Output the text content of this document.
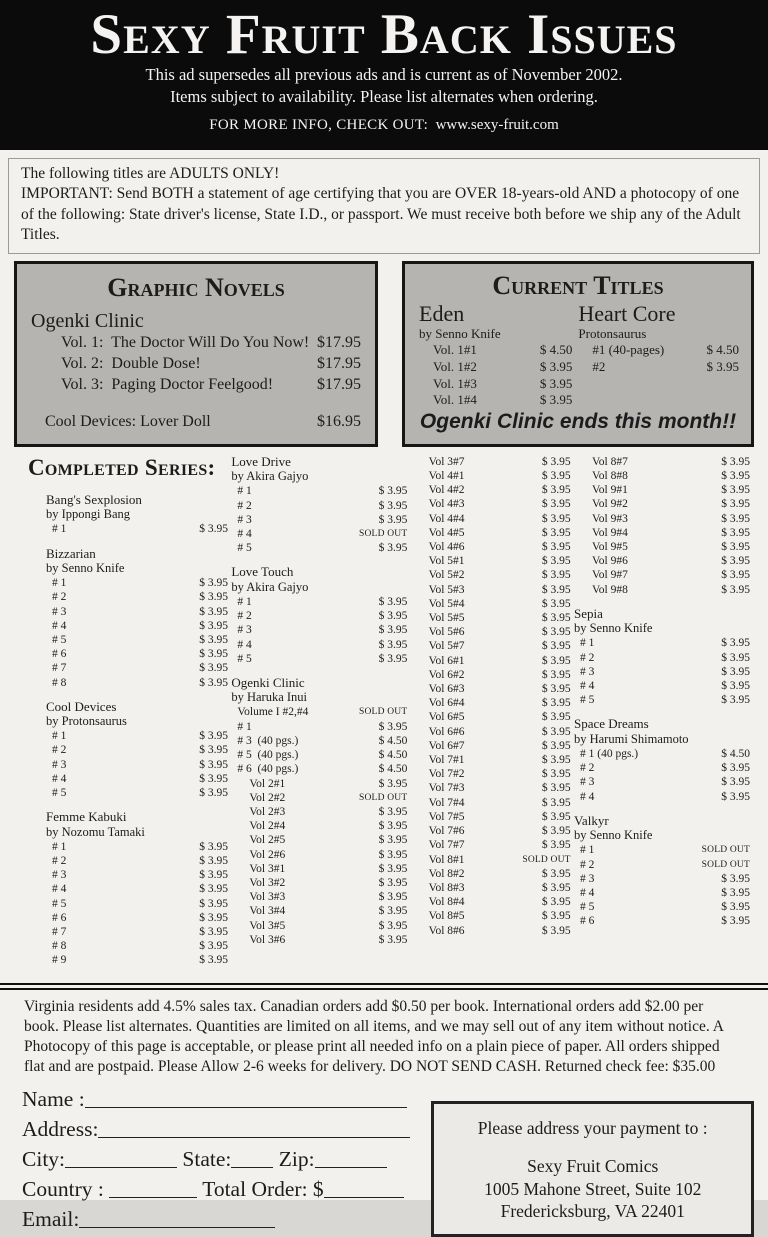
Sexy Fruit Back Issues

This ad supersedes all previous ads and is current as of November 2002.

Items subject to availability. Please list alternates when ordering.

FOR MORE INFO, CHECK OUT: www.sexy-fruit.com

The following titles are ADULTS ONLY!

IMPORTANT: Send BOTH a statement of age certifying that you are OVER 18-years-old AND a photocopy of one of the following: State driver's license, State I.D., or passport. We must receive both before we ship any of the Adult Titles.

Graphic Novels
Ogenki Clinic
Vol. 1:  The Doctor Will Do You Now! $17.95
Vol. 2:  Double Dose!	$17.95
Vol. 3:  Paging Doctor Feelgood!	$17.95
Cool Devices: Lover Doll	$16.95
Current Titles
Eden
by Senno Knife
Vol. 1#1	$ 4.50
Vol. 1#2	$ 3.95
Vol. 1#3	$ 3.95
Vol. 1#4	$ 3.95
Heart Core
Protonsaurus
#1 (40-pages)	$ 4.50
#2	$ 3.95
Ogenki Clinic ends this month!!
Completed Series:
Bang's Sexplosion
by Ippongi Bang
# 1	$ 3.95
Bizzarian
by Senno Knife
# 1	$ 3.95
# 2	$ 3.95
# 3	$ 3.95
# 4	$ 3.95
# 5	$ 3.95
# 6	$ 3.95
# 7	$ 3.95
# 8	$ 3.95
Cool Devices
by Protonsaurus
# 1	$ 3.95
# 2	$ 3.95
# 3	$ 3.95
# 4	$ 3.95
# 5	$ 3.95
Femme Kabuki
by Nozomu Tamaki
# 1	$ 3.95
# 2	$ 3.95
# 3	$ 3.95
# 4	$ 3.95
# 5	$ 3.95
# 6	$ 3.95
# 7	$ 3.95
# 8	$ 3.95
# 9	$ 3.95
Love Drive
by Akira Gajyo
# 1	$ 3.95
# 2	$ 3.95
# 3	$ 3.95
# 4	SOLD OUT
# 5	$ 3.95
Love Touch
by Akira Gajyo
# 1	$ 3.95
# 2	$ 3.95
# 3	$ 3.95
# 4	$ 3.95
# 5	$ 3.95
Ogenki Clinic
by Haruka Inui
Volume I #2,#4	SOLD OUT
# 1	$ 3.95
# 3  (40 pgs.)	$ 4.50
# 5  (40 pgs.)	$ 4.50
# 6  (40 pgs.)	$ 4.50
Vol 2#1	$ 3.95
Vol 2#2	SOLD OUT
Vol 2#3	$ 3.95
Vol 2#4	$ 3.95
Vol 2#5	$ 3.95
Vol 2#6	$ 3.95
Vol 3#1	$ 3.95
Vol 3#2	$ 3.95
Vol 3#3	$ 3.95
Vol 3#4	$ 3.95
Vol 3#5	$ 3.95
Vol 3#6	$ 3.95
Vol 3#7	$ 3.95
Vol 4#1	$ 3.95
Vol 4#2	$ 3.95
Vol 4#3	$ 3.95
Vol 4#4	$ 3.95
Vol 4#5	$ 3.95
Vol 4#6	$ 3.95
Vol 5#1	$ 3.95
Vol 5#2	$ 3.95
Vol 5#3	$ 3.95
Vol 5#4	$ 3.95
Vol 5#5	$ 3.95
Vol 5#6	$ 3.95
Vol 5#7	$ 3.95
Vol 6#1	$ 3.95
Vol 6#2	$ 3.95
Vol 6#3	$ 3.95
Vol 6#4	$ 3.95
Vol 6#5	$ 3.95
Vol 6#6	$ 3.95
Vol 6#7	$ 3.95
Vol 7#1	$ 3.95
Vol 7#2	$ 3.95
Vol 7#3	$ 3.95
Vol 7#4	$ 3.95
Vol 7#5	$ 3.95
Vol 7#6	$ 3.95
Vol 7#7	$ 3.95
Vol 8#1	SOLD OUT
Vol 8#2	$ 3.95
Vol 8#3	$ 3.95
Vol 8#4	$ 3.95
Vol 8#5	$ 3.95
Vol 8#6	$ 3.95
Vol 8#7	$ 3.95
Vol 8#8	$ 3.95
Vol 9#1	$ 3.95
Vol 9#2	$ 3.95
Vol 9#3	$ 3.95
Vol 9#4	$ 3.95
Vol 9#5	$ 3.95
Vol 9#6	$ 3.95
Vol 9#7	$ 3.95
Vol 9#8	$ 3.95
Sepia
by Senno Knife
# 1	$ 3.95
# 2	$ 3.95
# 3	$ 3.95
# 4	$ 3.95
# 5	$ 3.95
Space Dreams
by Harumi Shimamoto
# 1 (40 pgs.)	$ 4.50
# 2	$ 3.95
# 3	$ 3.95
# 4	$ 3.95
Valkyr
by Senno Knife
# 1	SOLD OUT
# 2	SOLD OUT
# 3	$ 3.95
# 4	$ 3.95
# 5	$ 3.95
# 6	$ 3.95

Virginia residents add 4.5% sales tax. Canadian orders add $0.50 per book. International orders add $2.00 per book. Please list alternates. Quantities are limited on all items, and we may sell out of any item without notice. A Photocopy of this page is acceptable, or please print all needed info on a plain piece of paper. All orders shipped flat and are postpaid. Please Allow 2-6 weeks for delivery. DO NOT SEND CASH. Returned check fee: $35.00

Name :
Address:
City:	State: Zip:
Country :	Total Order: $
Email:
Please address your payment to :
Sexy Fruit Comics
1005 Mahone Street, Suite 102
Fredericksburg, VA 22401
